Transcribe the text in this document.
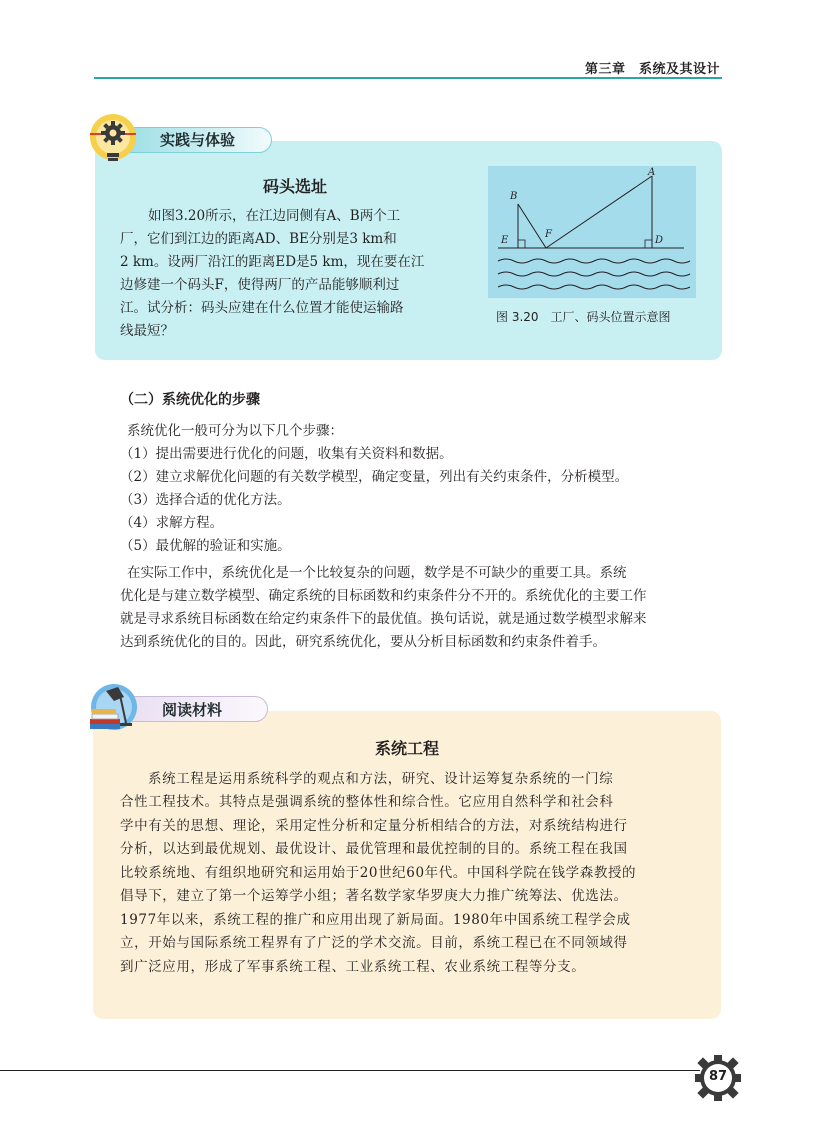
第三章　系统及其设计
实践与体验
码头选址
如图3.20所示，在江边同侧有A、B两个工
厂，它们到江边的距离AD、BE分别是3 km和
2 km。设两厂沿江的距离ED是5 km，现在要在江
边修建一个码头F，使得两厂的产品能够顺利过
江。试分析：码头应建在什么位置才能使运输路
线最短？
A
B
E
F
D
图 3.20　工厂、码头位置示意图
（二）系统优化的步骤
系统优化一般可分为以下几个步骤：
（1）提出需要进行优化的问题，收集有关资料和数据。
（2）建立求解优化问题的有关数学模型，确定变量，列出有关约束条件，分析模型。
（3）选择合适的优化方法。
（4）求解方程。
（5）最优解的验证和实施。
在实际工作中，系统优化是一个比较复杂的问题，数学是不可缺少的重要工具。系统
优化是与建立数学模型、确定系统的目标函数和约束条件分不开的。系统优化的主要工作
就是寻求系统目标函数在给定约束条件下的最优值。换句话说，就是通过数学模型求解来
达到系统优化的目的。因此，研究系统优化，要从分析目标函数和约束条件着手。
阅读材料
系统工程
系统工程是运用系统科学的观点和方法，研究、设计运筹复杂系统的一门综
合性工程技术。其特点是强调系统的整体性和综合性。它应用自然科学和社会科
学中有关的思想、理论，采用定性分析和定量分析相结合的方法，对系统结构进行
分析，以达到最优规划、最优设计、最优管理和最优控制的目的。系统工程在我国
比较系统地、有组织地研究和运用始于20世纪60年代。中国科学院在钱学森教授的
倡导下，建立了第一个运筹学小组；著名数学家华罗庚大力推广统筹法、优选法。
1977年以来，系统工程的推广和应用出现了新局面。1980年中国系统工程学会成
立，开始与国际系统工程界有了广泛的学术交流。目前，系统工程已在不同领域得
到广泛应用，形成了军事系统工程、工业系统工程、农业系统工程等分支。
87
